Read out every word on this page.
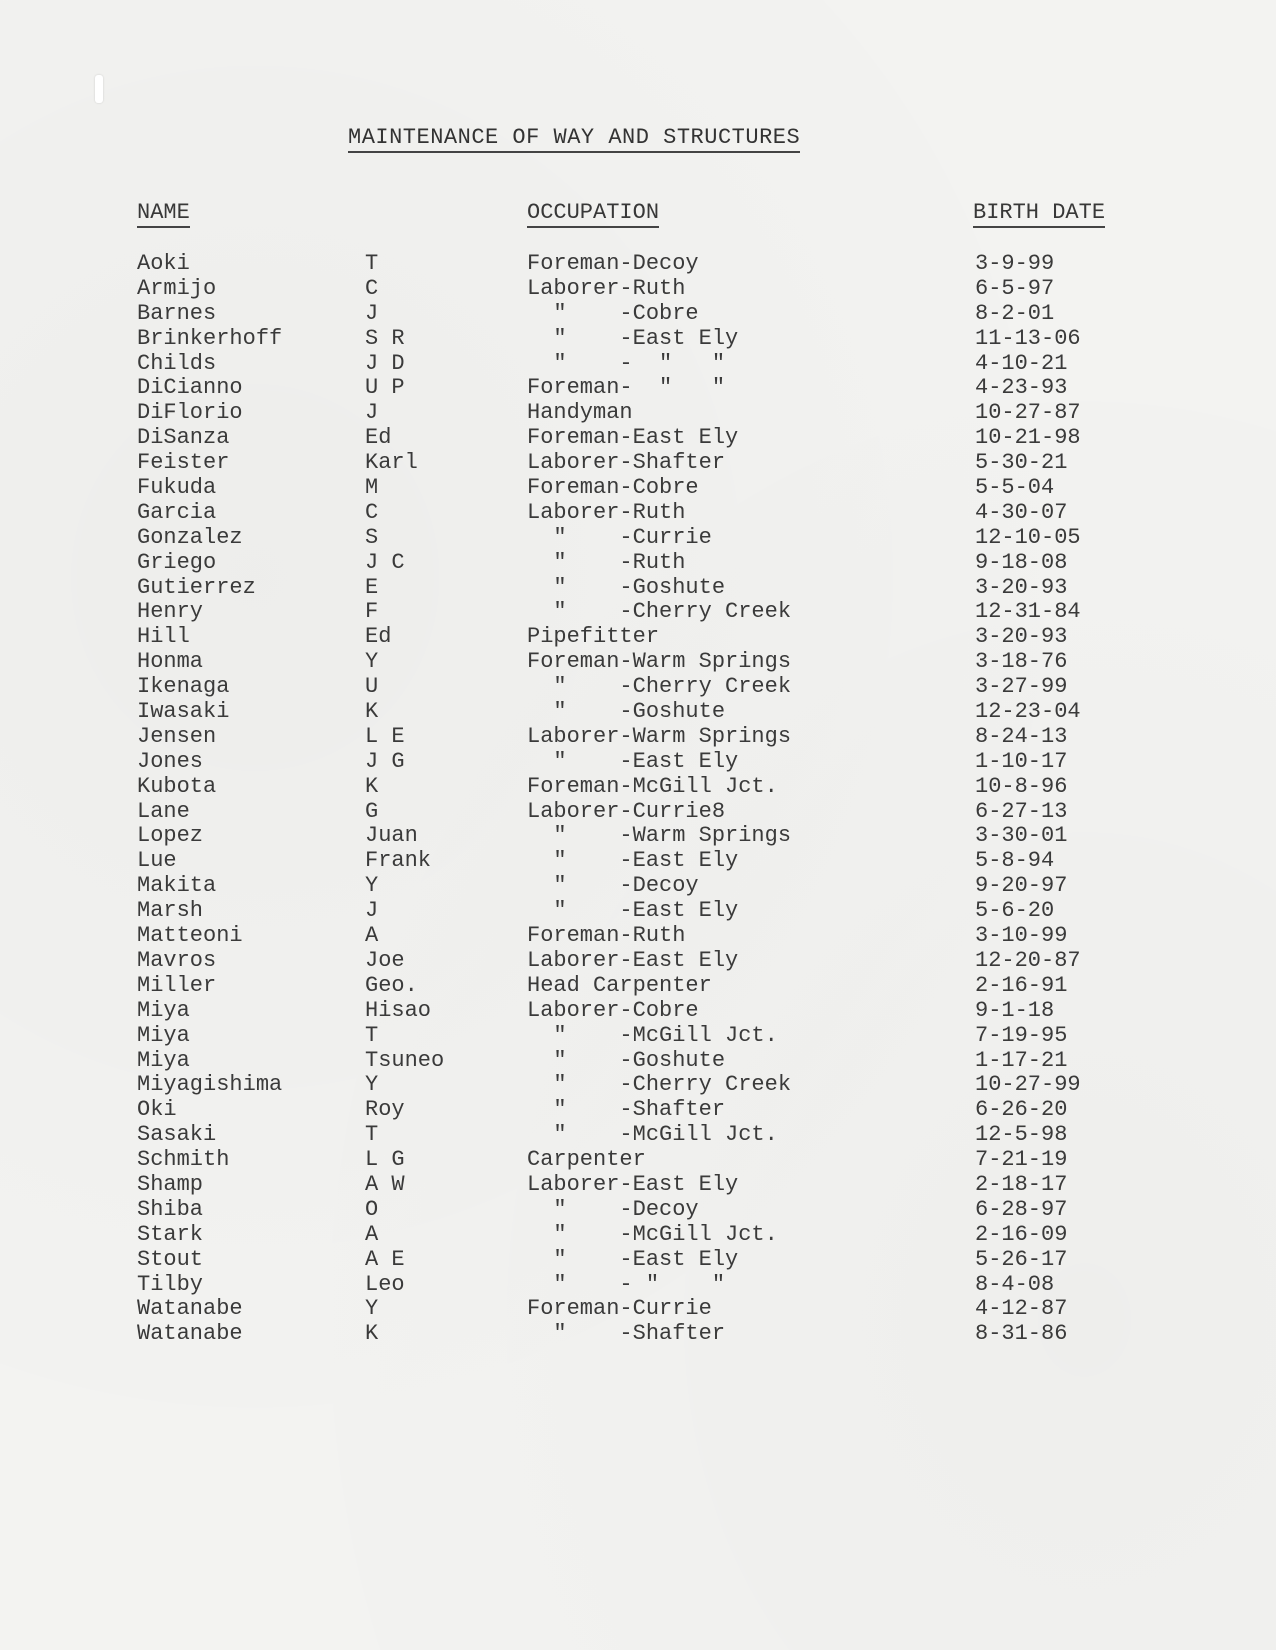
MAINTENANCE OF WAY AND STRUCTURES
NAME	OCCUPATION	BIRTH DATE
Aoki	T	Foreman-Decoy	3-9-99
Armijo	C	Laborer-Ruth	6-5-97
Barnes	J	"    -Cobre	8-2-01
Brinkerhoff	S R	"    -East Ely	11-13-06
Childs	J D	"    -  "   "	4-10-21
DiCianno	U P	Foreman-  "   "	4-23-93
DiFlorio	J	Handyman	10-27-87
DiSanza	Ed	Foreman-East Ely	10-21-98
Feister	Karl	Laborer-Shafter	5-30-21
Fukuda	M	Foreman-Cobre	5-5-04
Garcia	C	Laborer-Ruth	4-30-07
Gonzalez	S	"    -Currie	12-10-05
Griego	J C	"    -Ruth	9-18-08
Gutierrez	E	"    -Goshute	3-20-93
Henry	F	"    -Cherry Creek	12-31-84
Hill	Ed	Pipefitter	3-20-93
Honma	Y	Foreman-Warm Springs	3-18-76
Ikenaga	U	"    -Cherry Creek	3-27-99
Iwasaki	K	"    -Goshute	12-23-04
Jensen	L E	Laborer-Warm Springs	8-24-13
Jones	J G	"    -East Ely	1-10-17
Kubota	K	Foreman-McGill Jct.	10-8-96
Lane	G	Laborer-Currie8	6-27-13
Lopez	Juan	"    -Warm Springs	3-30-01
Lue	Frank	"    -East Ely	5-8-94
Makita	Y	"    -Decoy	9-20-97
Marsh	J	"    -East Ely	5-6-20
Matteoni	A	Foreman-Ruth	3-10-99
Mavros	Joe	Laborer-East Ely	12-20-87
Miller	Geo.	Head Carpenter	2-16-91
Miya	Hisao	Laborer-Cobre	9-1-18
Miya	T	"    -McGill Jct.	7-19-95
Miya	Tsuneo	"    -Goshute	1-17-21
Miyagishima	Y	"    -Cherry Creek	10-27-99
Oki	Roy	"    -Shafter	6-26-20
Sasaki	T	"    -McGill Jct.	12-5-98
Schmith	L G	Carpenter	7-21-19
Shamp	A W	Laborer-East Ely	2-18-17
Shiba	O	"    -Decoy	6-28-97
Stark	A	"    -McGill Jct.	2-16-09
Stout	A E	"    -East Ely	5-26-17
Tilby	Leo	"    - "    "	8-4-08
Watanabe	Y	Foreman-Currie	4-12-87
Watanabe	K	"    -Shafter	8-31-86
